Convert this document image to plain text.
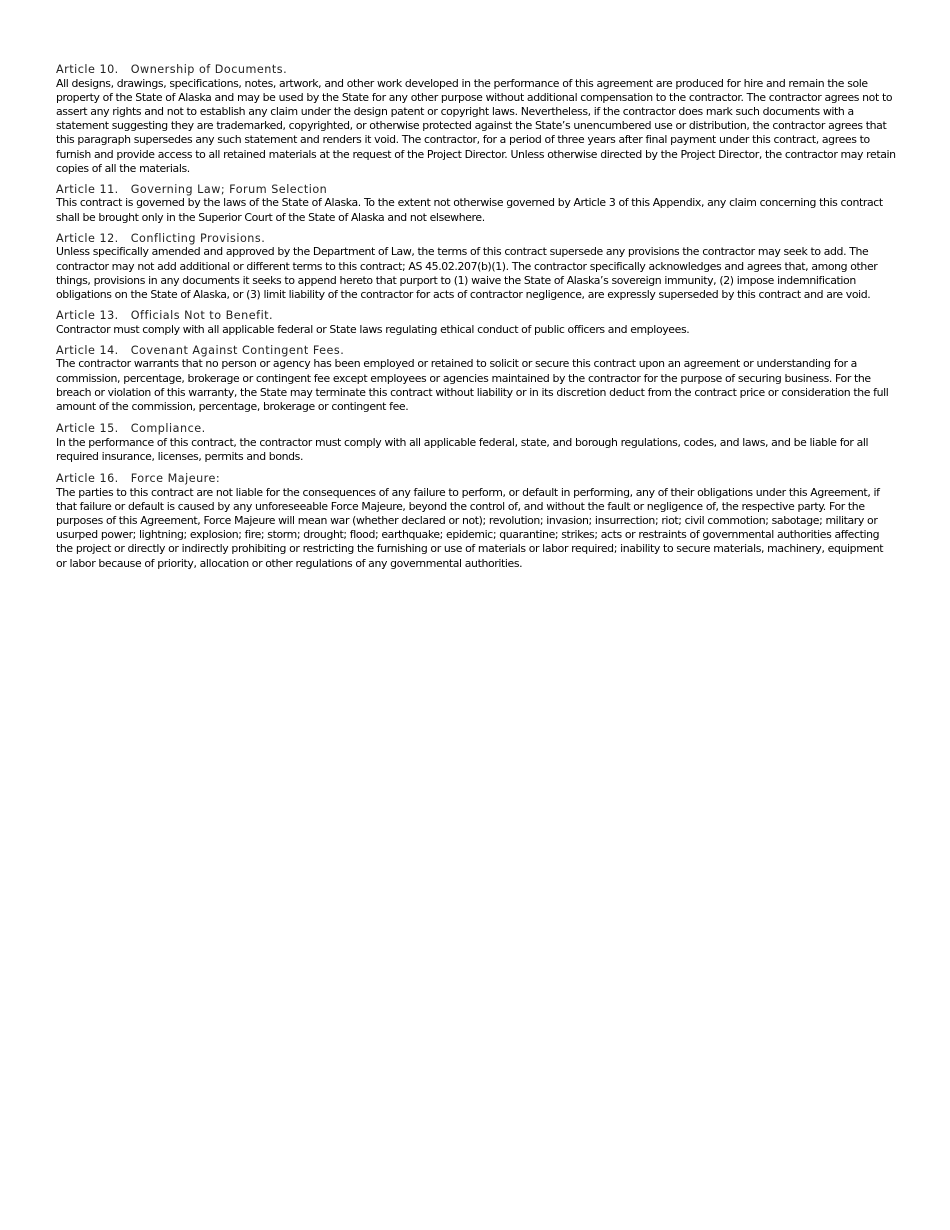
Article 10. Ownership of Documents.
All designs, drawings, specifications, notes, artwork, and other work developed in the performance of this agreement are produced for hire and remain the sole property of the State of Alaska and may be used by the State for any other purpose without additional compensation to the contractor. The contractor agrees not to assert any rights and not to establish any claim under the design patent or copyright laws. Nevertheless, if the contractor does mark such documents with a statement suggesting they are trademarked, copyrighted, or otherwise protected against the State’s unencumbered use or distribution, the contractor agrees that this paragraph supersedes any such statement and renders it void. The contractor, for a period of three years after final payment under this contract, agrees to furnish and provide access to all retained materials at the request of the Project Director. Unless otherwise directed by the Project Director, the contractor may retain copies of all the materials.
Article 11. Governing Law; Forum Selection
This contract is governed by the laws of the State of Alaska. To the extent not otherwise governed by Article 3 of this Appendix, any claim concerning this contract shall be brought only in the Superior Court of the State of Alaska and not elsewhere.
Article 12. Conflicting Provisions.
Unless specifically amended and approved by the Department of Law, the terms of this contract supersede any provisions the contractor may seek to add. The contractor may not add additional or different terms to this contract; AS 45.02.207(b)(1). The contractor specifically acknowledges and agrees that, among other things, provisions in any documents it seeks to append hereto that purport to (1) waive the State of Alaska’s sovereign immunity, (2) impose indemnification obligations on the State of Alaska, or (3) limit liability of the contractor for acts of contractor negligence, are expressly superseded by this contract and are void.
Article 13. Officials Not to Benefit.
Contractor must comply with all applicable federal or State laws regulating ethical conduct of public officers and employees.
Article 14. Covenant Against Contingent Fees.
The contractor warrants that no person or agency has been employed or retained to solicit or secure this contract upon an agreement or understanding for a commission, percentage, brokerage or contingent fee except employees or agencies maintained by the contractor for the purpose of securing business. For the breach or violation of this warranty, the State may terminate this contract without liability or in its discretion deduct from the contract price or consideration the full amount of the commission, percentage, brokerage or contingent fee.
Article 15. Compliance.
In the performance of this contract, the contractor must comply with all applicable federal, state, and borough regulations, codes, and laws, and be liable for all required insurance, licenses, permits and bonds.
Article 16. Force Majeure:
The parties to this contract are not liable for the consequences of any failure to perform, or default in performing, any of their obligations under this Agreement, if that failure or default is caused by any unforeseeable Force Majeure, beyond the control of, and without the fault or negligence of, the respective party. For the purposes of this Agreement, Force Majeure will mean war (whether declared or not); revolution; invasion; insurrection; riot; civil commotion; sabotage; military or usurped power; lightning; explosion; fire; storm; drought; flood; earthquake; epidemic; quarantine; strikes; acts or restraints of governmental authorities affecting the project or directly or indirectly prohibiting or restricting the furnishing or use of materials or labor required; inability to secure materials, machinery, equipment or labor because of priority, allocation or other regulations of any governmental authorities.
